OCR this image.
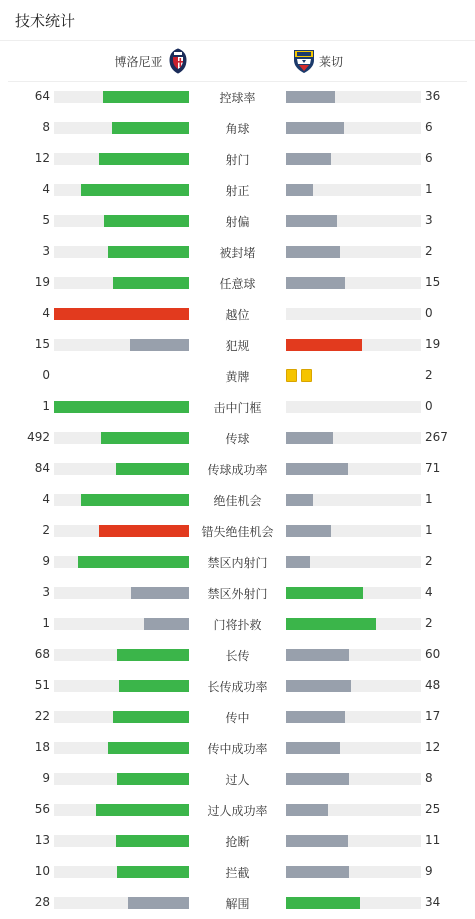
技术统计
博洛尼亚	莱切
64	控球率	36
8	角球	6
12	射门	6
4	射正	1
5	射偏	3
3	被封堵	2
19	任意球	15
4	越位	0
15	犯规	19
0	黄牌	2
1	击中门框	0
492	传球	267
84	传球成功率	71
4	绝佳机会	1
2	错失绝佳机会	1
9	禁区内射门	2
3	禁区外射门	4
1	门将扑救	2
68	长传	60
51	长传成功率	48
22	传中	17
18	传中成功率	12
9	过人	8
56	过人成功率	25
13	抢断	11
10	拦截	9
28	解围	34
